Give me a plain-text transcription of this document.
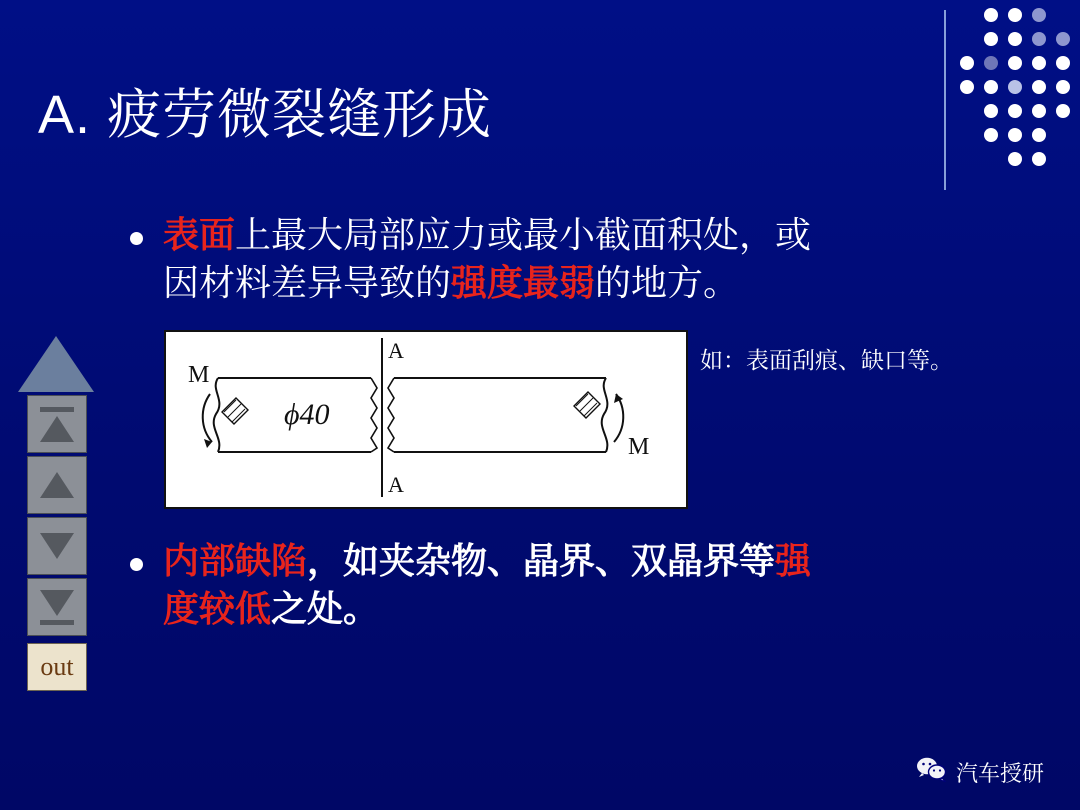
A. 疲劳微裂缝形成
表面上最大局部应力或最小截面积处，或
因材料差异导致的强度最弱的地方。
A
A
ϕ40
M
M
如：表面刮痕、缺口等。
内部缺陷，如夹杂物、晶界、双晶界等强
度较低之处。
out
汽车授研
